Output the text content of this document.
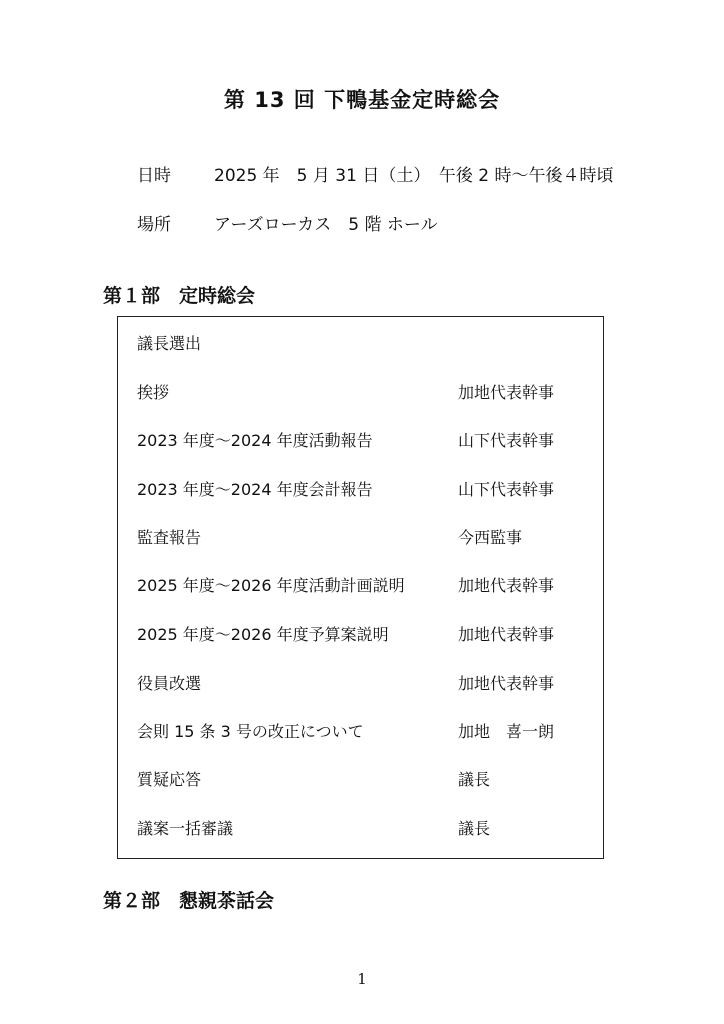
第 13 回 下鴨基金定時総会
日時	2025 年　5 月 31 日（土）　午後 2 時～午後４時頃
場所	アーズローカス　5 階 ホール
第１部　定時総会
議長選出
挨拶	加地代表幹事
2023 年度～2024 年度活動報告	山下代表幹事
2023 年度～2024 年度会計報告	山下代表幹事
監査報告	今西監事
2025 年度～2026 年度活動計画説明	加地代表幹事
2025 年度～2026 年度予算案説明	加地代表幹事
役員改選	加地代表幹事
会則 15 条 3 号の改正について	加地　喜一朗
質疑応答	議長
議案一括審議	議長
第２部　懇親茶話会
1
